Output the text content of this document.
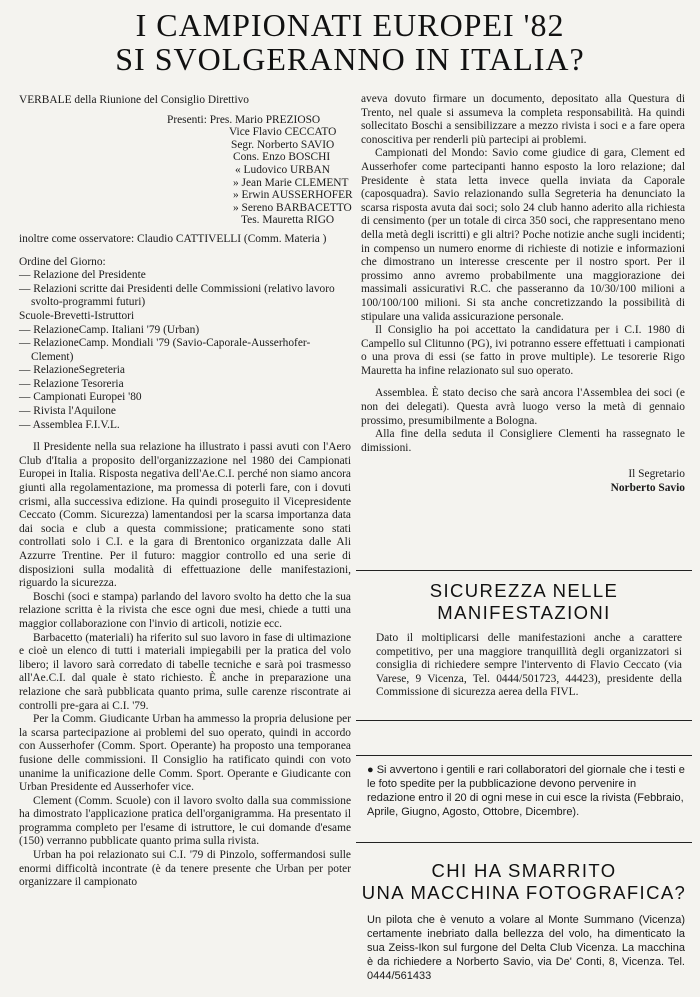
I CAMPIONATI EUROPEI '82
SI SVOLGERANNO IN ITALIA?

VERBALE della Riunione del Consiglio Direttivo

Presenti: Pres. Mario PREZIOSO
Vice Flavio CECCATO
Segr. Norberto SAVIO
Cons. Enzo BOSCHI
« Ludovico URBAN
» Jean Marie CLEMENT
» Erwin AUSSERHOFER
» Sereno BARBACETTO
Tes. Mauretta RIGO

inoltre come osservatore: Claudio CATTIVELLI (Comm. Materia )

Ordine del Giorno:

— Relazione del Presidente
— Relazioni scritte dai Presidenti delle Commissioni (relativo lavoro svolto-programmi futuri)
Scuole-Brevetti-Istruttori
— RelazioneCamp. Italiani '79 (Urban)
— RelazioneCamp. Mondiali '79 (Savio-Caporale-Ausserhofer-Clement)
— RelazioneSegreteria
— Relazione Tesoreria
— Campionati Europei '80
— Rivista l'Aquilone
— Assemblea F.I.V.L.

Il Presidente nella sua relazione ha illustrato i passi avuti con l'Aero Club d'Italia a proposito dell'organizzazione nel 1980 dei Campionati Europei in Italia. Risposta negativa dell'Ae.C.I. perché non siamo ancora giunti alla regolamentazione, ma promessa di poterli fare, con i dovuti crismi, alla successiva edizione. Ha quindi proseguito il Vicepresidente Ceccato (Comm. Sicurezza) lamentandosi per la scarsa importanza data dai socia e club a questa commissione; praticamente sono stati controllati solo i C.I. e la gara di Brentonico organizzata dalle Ali Azzurre Trentine. Per il futuro: maggior controllo ed una serie di disposizioni sulla modalità di effettuazione delle manifestazioni, riguardo la sicurezza.

Boschi (soci e stampa) parlando del lavoro svolto ha detto che la sua relazione scritta è la rivista che esce ogni due mesi, chiede a tutti una maggior collaborazione con l'invio di articoli, notizie ecc.

Barbacetto (materiali) ha riferito sul suo lavoro in fase di ultimazione e cioè un elenco di tutti i materiali impiegabili per la pratica del volo libero; il lavoro sarà corredato di tabelle tecniche e sarà poi trasmesso all'Ae.C.I. dal quale è stato richiesto. È anche in preparazione una relazione che sarà pubblicata quanto prima, sulle carenze riscontrate ai controlli pre-gara ai C.I. '79.

Per la Comm. Giudicante Urban ha ammesso la propria delusione per la scarsa partecipazione ai problemi del suo operato, quindi in accordo con Ausserhofer (Comm. Sport. Operante) ha proposto una temporanea fusione delle commissioni. Il Consiglio ha ratificato quindi con voto unanime la unificazione delle Comm. Sport. Operante e Giudicante con Urban Presidente ed Ausserhofer vice.

Clement (Comm. Scuole) con il lavoro svolto dalla sua commissione ha dimostrato l'applicazione pratica dell'organigramma. Ha presentato il programma completo per l'esame di istruttore, le cui domande d'esame (150) verranno pubblicate quanto prima sulla rivista.

Urban ha poi relazionato sui C.I. '79 di Pinzolo, soffermandosi sulle enormi difficoltà incontrate (è da tenere presente che Urban per poter organizzare il campionato

aveva dovuto firmare un documento, depositato alla Questura di Trento, nel quale si assumeva la completa responsabilità. Ha quindi sollecitato Boschi a sensibilizzare a mezzo rivista i soci e a fare opera conoscitiva per renderli più partecipi ai problemi.

Campionati del Mondo: Savio come giudice di gara, Clement ed Ausserhofer come partecipanti hanno esposto la loro relazione; dal Presidente è stata letta invece quella inviata da Caporale (caposquadra). Savio relazionando sulla Segreteria ha denunciato la scarsa risposta avuta dai soci; solo 24 club hanno aderito alla richiesta di censimento (per un totale di circa 350 soci, che rappresentano meno della metà degli iscritti) e gli altri? Poche notizie anche sugli incidenti; in compenso un numero enorme di richieste di notizie e informazioni che dimostrano un interesse crescente per il nostro sport. Per il prossimo anno avremo probabilmente una maggiorazione dei massimali assicurativi R.C. che passeranno da 10/30/100 milioni a 100/100/100 milioni. Si sta anche concretizzando la possibilità di stipulare una valida assicurazione personale.

Il Consiglio ha poi accettato la candidatura per i C.I. 1980 di Campello sul Clitunno (PG), ivi potranno essere effettuati i campionati o una prova di essi (se fatto in prove multiple). Le tesorerie Rigo Mauretta ha infine relazionato sul suo operato.

Assemblea. È stato deciso che sarà ancora l'Assemblea dei soci (e non dei delegati). Questa avrà luogo verso la metà di gennaio prossimo, presumibilmente a Bologna.

Alla fine della seduta il Consigliere Clementi ha rassegnato le dimissioni.

Il Segretario
Norberto Savio
SICUREZZA NELLE
MANIFESTAZIONI
Dato il moltiplicarsi delle manifestazioni anche a carattere competitivo, per una maggiore tranquillità degli organizzatori si consiglia di richiedere sempre l'intervento di Flavio Ceccato (via Varese, 9 Vicenza, Tel. 0444/501723, 44423), presidente della Commissione di sicurezza aerea della FIVL.
● Si avvertono i gentili e rari collaboratori del giornale che i testi e le foto spedite per la pubblicazione devono pervenire in redazione entro il 20 di ogni mese in cui esce la rivista (Febbraio, Aprile, Giugno, Agosto, Ottobre, Dicembre).
CHI HA SMARRITO
UNA MACCHINA FOTOGRAFICA?
Un pilota che è venuto a volare al Monte Summano (Vicenza) certamente inebriato dalla bellezza del volo, ha dimenticato la sua Zeiss-Ikon sul furgone del Delta Club Vicenza. La macchina è da richiedere a Norberto Savio, via De' Conti, 8, Vicenza. Tel. 0444/561433
